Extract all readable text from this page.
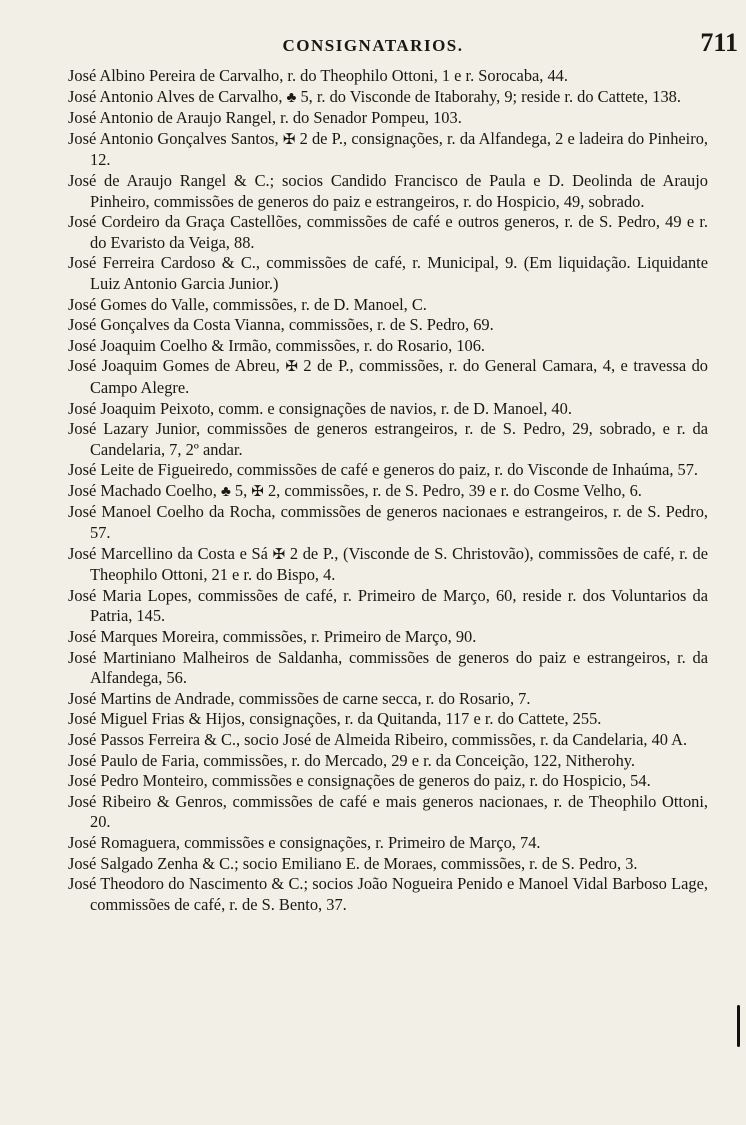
CONSIGNATARIOS.	711

José Albino Pereira de Carvalho, r. do Theophilo Ottoni, 1 e r. Sorocaba, 44.

José Antonio Alves de Carvalho, ♣ 5, r. do Visconde de Itaborahy, 9; reside r. do Cattete, 138.

José Antonio de Araujo Rangel, r. do Senador Pompeu, 103.

José Antonio Gonçalves Santos, ✠ 2 de P., consignações, r. da Alfandega, 2 e ladeira do Pinheiro, 12.

José de Araujo Rangel & C.; socios Candido Francisco de Paula e D. Deolinda de Araujo Pinheiro, commissões de generos do paiz e estrangeiros, r. do Hospicio, 49, sobrado.

José Cordeiro da Graça Castellões, commissões de café e outros generos, r. de S. Pedro, 49 e r. do Evaristo da Veiga, 88.

José Ferreira Cardoso & C., commissões de café, r. Municipal, 9. (Em liquidação. Liquidante Luiz Antonio Garcia Junior.)

José Gomes do Valle, commissões, r. de D. Manoel, C.

José Gonçalves da Costa Vianna, commissões, r. de S. Pedro, 69.

José Joaquim Coelho & Irmão, commissões, r. do Rosario, 106.

José Joaquim Gomes de Abreu, ✠ 2 de P., commissões, r. do General Camara, 4, e travessa do Campo Alegre.

José Joaquim Peixoto, comm. e consignações de navios, r. de D. Manoel, 40.

José Lazary Junior, commissões de generos estrangeiros, r. de S. Pedro, 29, sobrado, e r. da Candelaria, 7, 2º andar.

José Leite de Figueiredo, commissões de café e generos do paiz, r. do Visconde de Inhaúma, 57.

José Machado Coelho, ♣ 5, ✠ 2, commissões, r. de S. Pedro, 39 e r. do Cosme Velho, 6.

José Manoel Coelho da Rocha, commissões de generos nacionaes e estrangeiros, r. de S. Pedro, 57.

José Marcellino da Costa e Sá ✠ 2 de P., (Visconde de S. Christovão), commissões de café, r. de Theophilo Ottoni, 21 e r. do Bispo, 4.

José Maria Lopes, commissões de café, r. Primeiro de Março, 60, reside r. dos Voluntarios da Patria, 145.

José Marques Moreira, commissões, r. Primeiro de Março, 90.

José Martiniano Malheiros de Saldanha, commissões de generos do paiz e estrangeiros, r. da Alfandega, 56.

José Martins de Andrade, commissões de carne secca, r. do Rosario, 7.

José Miguel Frias & Hijos, consignações, r. da Quitanda, 117 e r. do Cattete, 255.

José Passos Ferreira & C., socio José de Almeida Ribeiro, commissões, r. da Candelaria, 40 A.

José Paulo de Faria, commissões, r. do Mercado, 29 e r. da Conceição, 122, Nitherohy.

José Pedro Monteiro, commissões e consignações de generos do paiz, r. do Hospicio, 54.

José Ribeiro & Genros, commissões de café e mais generos nacionaes, r. de Theophilo Ottoni, 20.

José Romaguera, commissões e consignações, r. Primeiro de Março, 74.

José Salgado Zenha & C.; socio Emiliano E. de Moraes, commissões, r. de S. Pedro, 3.

José Theodoro do Nascimento & C.; socios João Nogueira Penido e Manoel Vidal Barboso Lage, commissões de café, r. de S. Bento, 37.
